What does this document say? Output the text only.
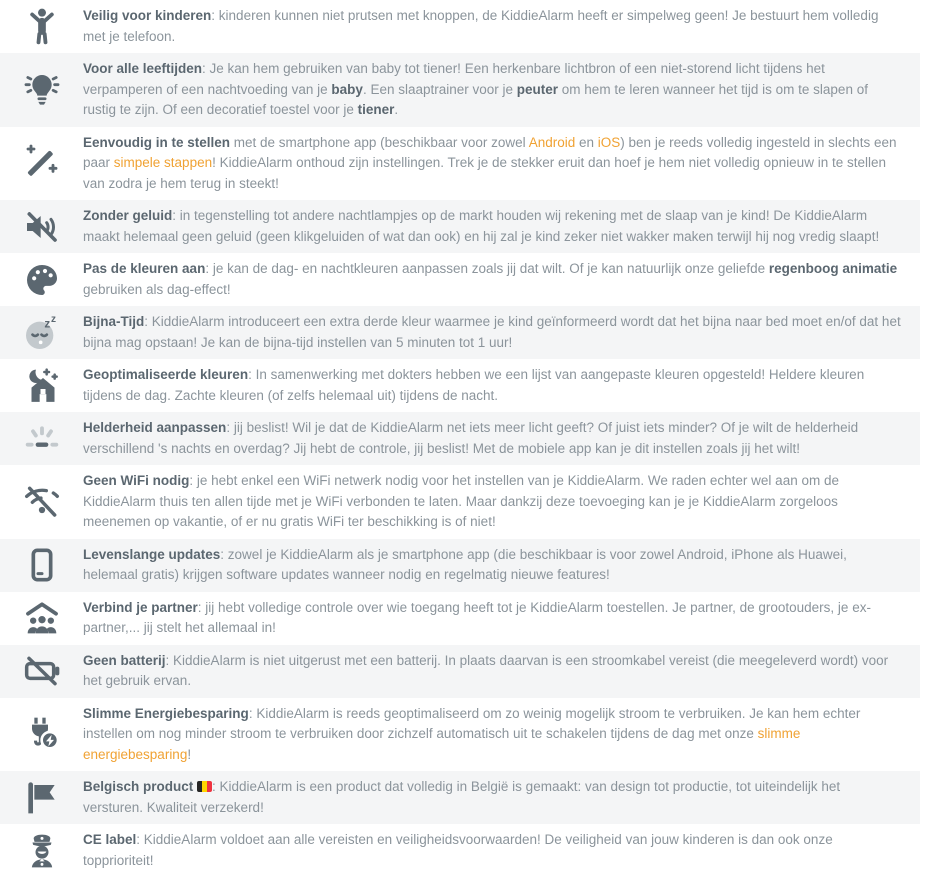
Veilig voor kinderen: kinderen kunnen niet prutsen met knoppen, de KiddieAlarm heeft er simpelweg geen! Je bestuurt hem volledig met je telefoon.

Voor alle leeftijden: Je kan hem gebruiken van baby tot tiener! Een herkenbare lichtbron of een niet-storend licht tijdens het verpamperen of een nachtvoeding van je baby. Een slaaptrainer voor je peuter om hem te leren wanneer het tijd is om te slapen of rustig te zijn. Of een decoratief toestel voor je tiener.

Eenvoudig in te stellen met de smartphone app (beschikbaar voor zowel Android en iOS) ben je reeds volledig ingesteld in slechts een paar simpele stappen! KiddieAlarm onthoud zijn instellingen. Trek je de stekker eruit dan hoef je hem niet volledig opnieuw in te stellen van zodra je hem terug in steekt!

Zonder geluid: in tegenstelling tot andere nachtlampjes op de markt houden wij rekening met de slaap van je kind! De KiddieAlarm maakt helemaal geen geluid (geen klikgeluiden of wat dan ook) en hij zal je kind zeker niet wakker maken terwijl hij nog vredig slaapt!

Pas de kleuren aan: je kan de dag- en nachtkleuren aanpassen zoals jij dat wilt. Of je kan natuurlijk onze geliefde regenboog animatie gebruiken als dag-effect!

z z Bijna-Tijd: KiddieAlarm introduceert een extra derde kleur waarmee je kind geïnformeerd wordt dat het bijna naar bed moet en/of dat het bijna mag opstaan! Je kan de bijna-tijd instellen van 5 minuten tot 1 uur!

Geoptimaliseerde kleuren: In samenwerking met dokters hebben we een lijst van aangepaste kleuren opgesteld! Heldere kleuren tijdens de dag. Zachte kleuren (of zelfs helemaal uit) tijdens de nacht.

Helderheid aanpassen: jij beslist! Wil je dat de KiddieAlarm net iets meer licht geeft? Of juist iets minder? Of je wilt de helderheid verschillend 's nachts en overdag? Jij hebt de controle, jij beslist! Met de mobiele app kan je dit instellen zoals jij het wilt!

Geen WiFi nodig: je hebt enkel een WiFi netwerk nodig voor het instellen van je KiddieAlarm. We raden echter wel aan om de KiddieAlarm thuis ten allen tijde met je WiFi verbonden te laten. Maar dankzij deze toevoeging kan je je KiddieAlarm zorgeloos meenemen op vakantie, of er nu gratis WiFi ter beschikking is of niet!

Levenslange updates: zowel je KiddieAlarm als je smartphone app (die beschikbaar is voor zowel Android, iPhone als Huawei, helemaal gratis) krijgen software updates wanneer nodig en regelmatig nieuwe features!

Verbind je partner: jij hebt volledige controle over wie toegang heeft tot je KiddieAlarm toestellen. Je partner, de grootouders, je ex-partner,... jij stelt het allemaal in!

Geen batterij: KiddieAlarm is niet uitgerust met een batterij. In plaats daarvan is een stroomkabel vereist (die meegeleverd wordt) voor het gebruik ervan.

Slimme Energiebesparing: KiddieAlarm is reeds geoptimaliseerd om zo weinig mogelijk stroom te verbruiken. Je kan hem echter instellen om nog minder stroom te verbruiken door zichzelf automatisch uit te schakelen tijdens de dag met onze slimme energiebesparing!

Belgisch product
: KiddieAlarm is een product dat volledig in België is gemaakt: van design tot productie, tot uiteindelijk het versturen. Kwaliteit verzekerd!

CE label: KiddieAlarm voldoet aan alle vereisten en veiligheidsvoorwaarden! De veiligheid van jouw kinderen is dan ook onze topprioriteit!
